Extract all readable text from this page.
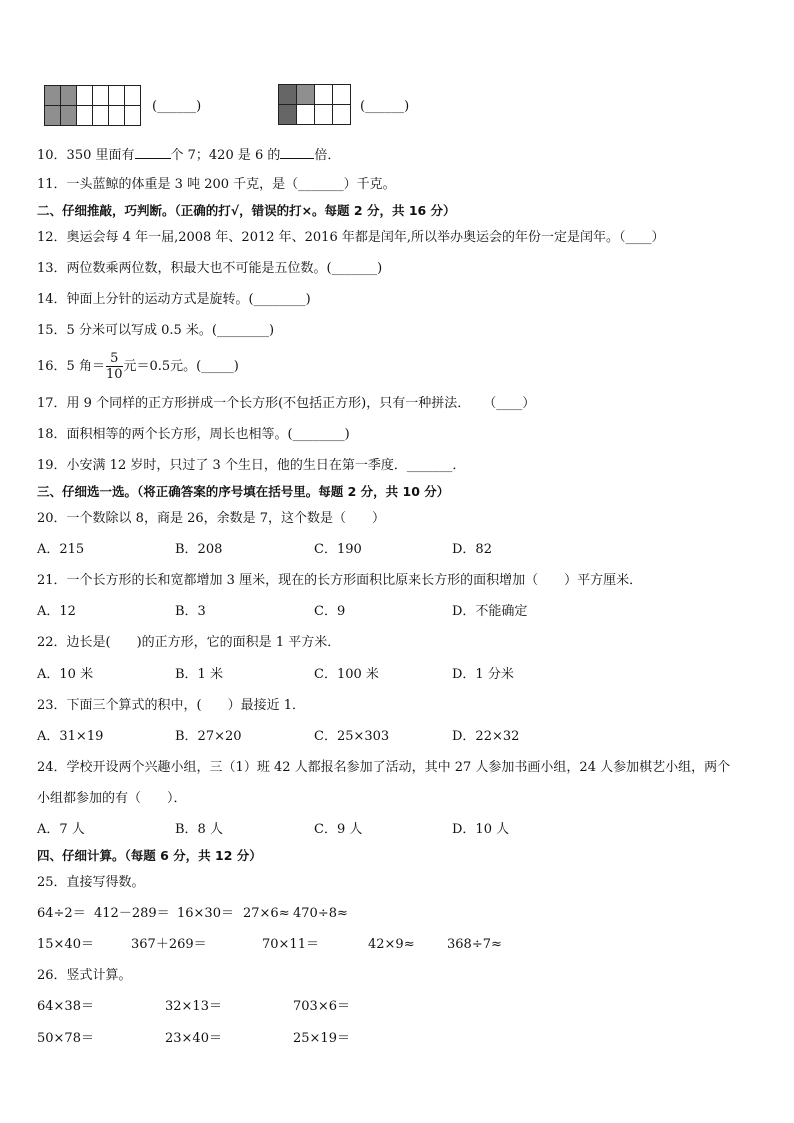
(______)	(______)
10．350 里面有	个 7；420 是 6 的	倍．
11．一头蓝鲸的体重是 3 吨 200 千克，是（_______）千克。
二、仔细推敲，巧判断。（正确的打√，错误的打×。每题 2 分，共 16 分）
12．奥运会每 4 年一届,2008 年、2012 年、2016 年都是闰年,所以举办奥运会的年份一定是闰年。（____）
13．两位数乘两位数，积最大也不可能是五位数。(_______)
14．钟面上分针的运动方式是旋转。(________)
15．5 分米可以写成 0.5 米。(________)
16．5 角＝ $\frac{5}{10}$ 元＝0.5元。(_____)
17．用 9 个同样的正方形拼成一个长方形(不包括正方形)，只有一种拼法．　　（____）
18．面积相等的两个长方形，周长也相等。(________)
19．小安满 12 岁时，只过了 3 个生日，他的生日在第一季度．_______．
三、仔细选一选。（将正确答案的序号填在括号里。每题 2 分，共 10 分）
20．一个数除以 8，商是 26，余数是 7，这个数是（　　）
A．215	B．208	C．190	D．82
21．一个长方形的长和宽都增加 3 厘米，现在的长方形面积比原来长方形的面积增加（　　）平方厘米．
A．12	B．3	C．9	D．不能确定
22．边长是(　　)的正方形，它的面积是 1 平方米．
A．10 米	B．1 米	C．100 米	D．1 分米
23．下面三个算式的积中，(　　）最接近 1．
A．31×19	B．27×20	C．25×303	D．22×32
24．学校开设两个兴趣小组，三（1）班 42 人都报名参加了活动，其中 27 人参加书画小组，24 人参加棋艺小组，两个
小组都参加的有（　　）．
A．7 人	B．8 人	C．9 人	D．10 人
四、仔细计算。（每题 6 分，共 12 分）
25．直接写得数。
64÷2＝ 412－289＝ 16×30＝ 27×6≈ 470÷8≈
15×40＝	367＋269＝	70×11＝	42×9≈ 368÷7≈
26．竖式计算。
64×38＝	32×13＝	703×6＝
50×78＝	23×40＝	25×19＝
